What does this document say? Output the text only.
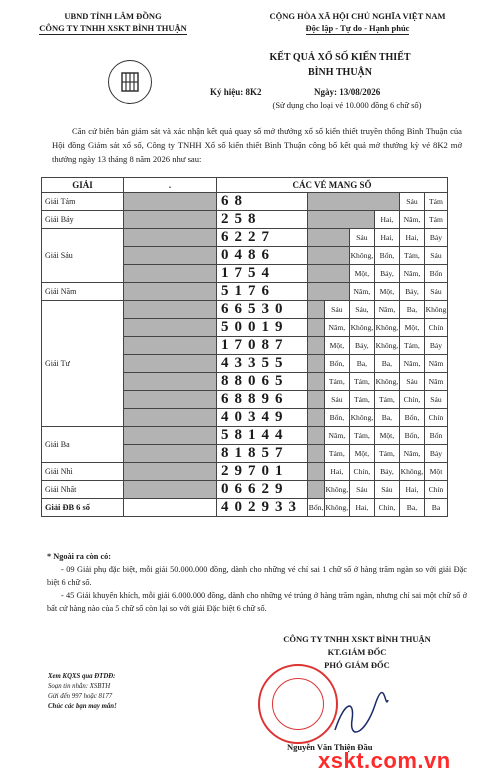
UBND TỈNH LÂM ĐỒNG
CÔNG TY TNHH XSKT BÌNH THUẬN
CỘNG HÒA XÃ HỘI CHỦ NGHĨA VIỆT NAM
Độc lập - Tự do - Hạnh phúc
KẾT QUẢ XỔ SỐ KIẾN THIẾT
BÌNH THUẬN
Ký hiệu: 8K2	Ngày: 13/08/2026
(Sử dụng cho loại vé 10.000 đồng 6 chữ số)
Căn cứ biên bản giám sát và xác nhận kết quả quay số mở thưởng xổ số kiến thiết truyền thống Bình Thuận của Hội đồng Giám sát xổ số, Công ty TNHH Xổ số kiến thiết Bình Thuận công bố kết quả mở thưởng kỳ vé 8K2 mở thưởng ngày 13 tháng 8 năm 2026 như sau:
GIẢI	.	CÁC VÉ MANG SỐ						
Giải Tám		68					Sáu	Tám
Giải Bảy		258				Hai,	Năm,	Tám
Giải Sáu		6227			Sáu	Hai,	Hai,	Bảy
		0486			Không,	Bốn,	Tám,	Sáu
		1754			Một,	Bảy,	Năm,	Bốn
Giải Năm		5176			Năm,	Một,	Bảy,	Sáu
Giải Tư		66530		Sáu	Sáu,	Năm,	Ba,	Không
		50019		Năm,	Không,	Không,	Một,	Chín
		17087		Một,	Bảy,	Không,	Tám,	Bảy
		43355		Bốn,	Ba,	Ba,	Năm,	Năm
		88065		Tám,	Tám,	Không,	Sáu	Năm
		68896		Sáu	Tám,	Tám,	Chín,	Sáu
		40349		Bốn,	Không,	Ba,	Bốn,	Chín
Giải Ba		58144		Năm,	Tám,	Một,	Bốn,	Bốn
		81857		Tám,	Một,	Tám,	Năm,	Bảy
Giải Nhì		29701		Hai,	Chín,	Bảy,	Không,	Một
Giải Nhất		06629		Không,	Sáu	Sáu	Hai,	Chín
Giải ĐB 6 số		402933	Bốn,	Không,	Hai,	Chín,	Ba,	Ba

* Ngoài ra còn có:

- 09 Giải phụ đặc biệt, mỗi giải 50.000.000 đồng, dành cho những vé chỉ sai 1 chữ số ở hàng trăm ngàn so với giải Đặc biệt 6 chữ số.

- 45 Giải khuyến khích, mỗi giải 6.000.000 đồng, dành cho những vé trúng ở hàng trăm ngàn, nhưng chỉ sai một chữ số ở bất cứ hàng nào của 5 chữ số còn lại so với giải Đặc biệt 6 chữ số.

Xem KQXS qua ĐTDĐ:
Soạn tin nhắn: XSBTH
Gửi đến 997 hoặc 8177
Chúc các bạn may mắn!
CÔNG TY TNHH XSKT BÌNH THUẬN
KT.GIÁM ĐỐC
PHÓ GIÁM ĐỐC
Nguyễn Văn Thiện Đầu
xskt.com.vn
